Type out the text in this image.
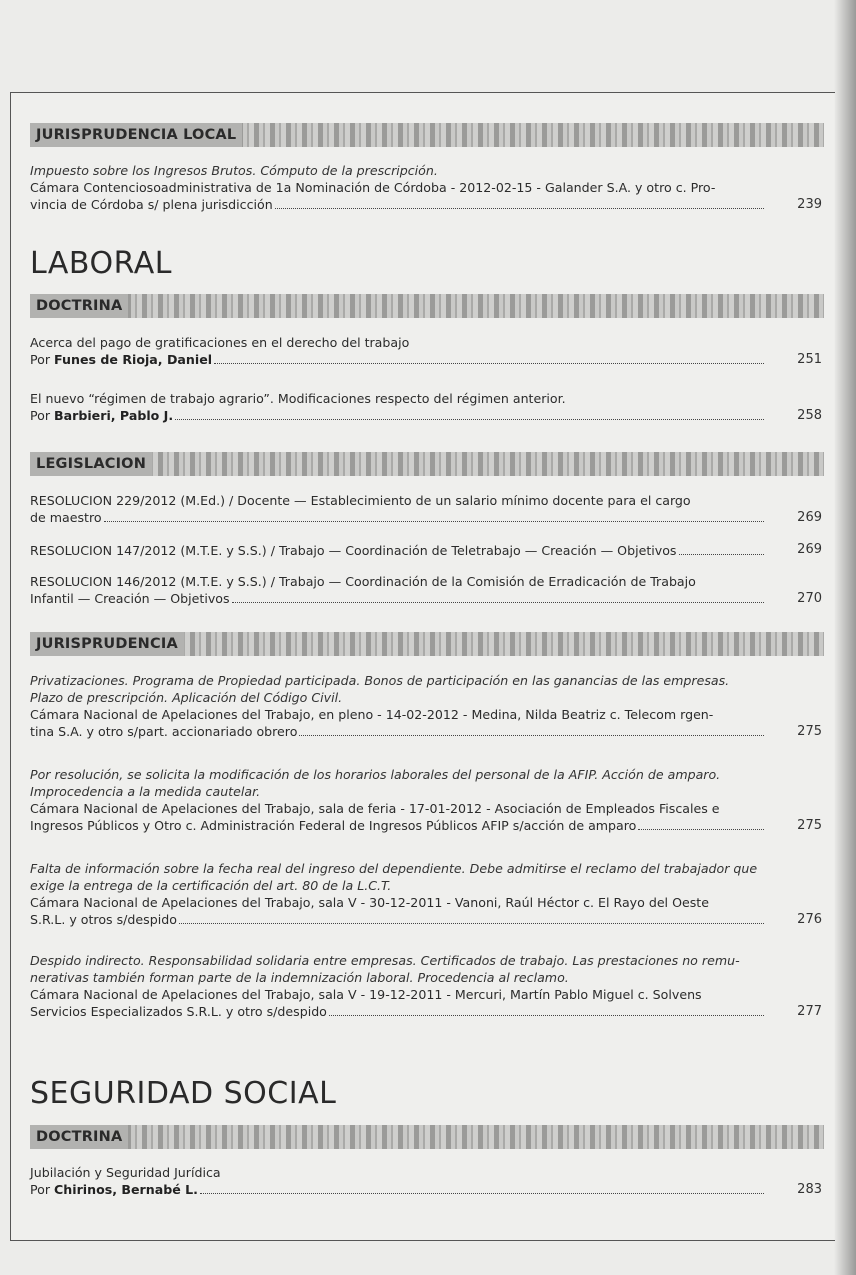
JURISPRUDENCIA LOCAL
Impuesto sobre los Ingresos Brutos. Cómputo de la prescripción.
Cámara Contenciosoadministrativa de 1a Nominación de Córdoba - 2012-02-15 - Galander S.A. y otro c. Pro-
vincia de Córdoba s/ plena jurisdicción	239
LABORAL
DOCTRINA
Acerca del pago de gratificaciones en el derecho del trabajo
Por Funes de Rioja, Daniel	251
El nuevo “régimen de trabajo agrario”. Modificaciones respecto del régimen anterior.
Por Barbieri, Pablo J.	258
LEGISLACION
RESOLUCION 229/2012 (M.Ed.) / Docente — Establecimiento de un salario mínimo docente para el cargo
de maestro	269
RESOLUCION 147/2012 (M.T.E. y S.S.) / Trabajo — Coordinación de Teletrabajo — Creación — Objetivos	269
RESOLUCION 146/2012 (M.T.E. y S.S.) / Trabajo — Coordinación de la Comisión de Erradicación de Trabajo
Infantil — Creación — Objetivos	270
JURISPRUDENCIA
Privatizaciones. Programa de Propiedad participada. Bonos de participación en las ganancias de las empresas.
Plazo de prescripción. Aplicación del Código Civil.
Cámara Nacional de Apelaciones del Trabajo, en pleno - 14-02-2012 - Medina, Nilda Beatriz c. Telecom rgen-
tina S.A. y otro s/part. accionariado obrero	275
Por resolución, se solicita la modificación de los horarios laborales del personal de la AFIP. Acción de amparo.
Improcedencia a la medida cautelar.
Cámara Nacional de Apelaciones del Trabajo, sala de feria - 17-01-2012 - Asociación de Empleados Fiscales e
Ingresos Públicos y Otro c. Administración Federal de Ingresos Públicos AFIP s/acción de amparo	275
Falta de información sobre la fecha real del ingreso del dependiente. Debe admitirse el reclamo del trabajador que
exige la entrega de la certificación del art. 80 de la L.C.T.
Cámara Nacional de Apelaciones del Trabajo, sala V - 30-12-2011 - Vanoni, Raúl Héctor c. El Rayo del Oeste
S.R.L. y otros s/despido	276
Despido indirecto. Responsabilidad solidaria entre empresas. Certificados de trabajo. Las prestaciones no remu-
nerativas también forman parte de la indemnización laboral. Procedencia al reclamo.
Cámara Nacional de Apelaciones del Trabajo, sala V - 19-12-2011 - Mercuri, Martín Pablo Miguel c. Solvens
Servicios Especializados S.R.L. y otro s/despido	277
SEGURIDAD SOCIAL
DOCTRINA
Jubilación y Seguridad Jurídica
Por Chirinos, Bernabé L.	283
